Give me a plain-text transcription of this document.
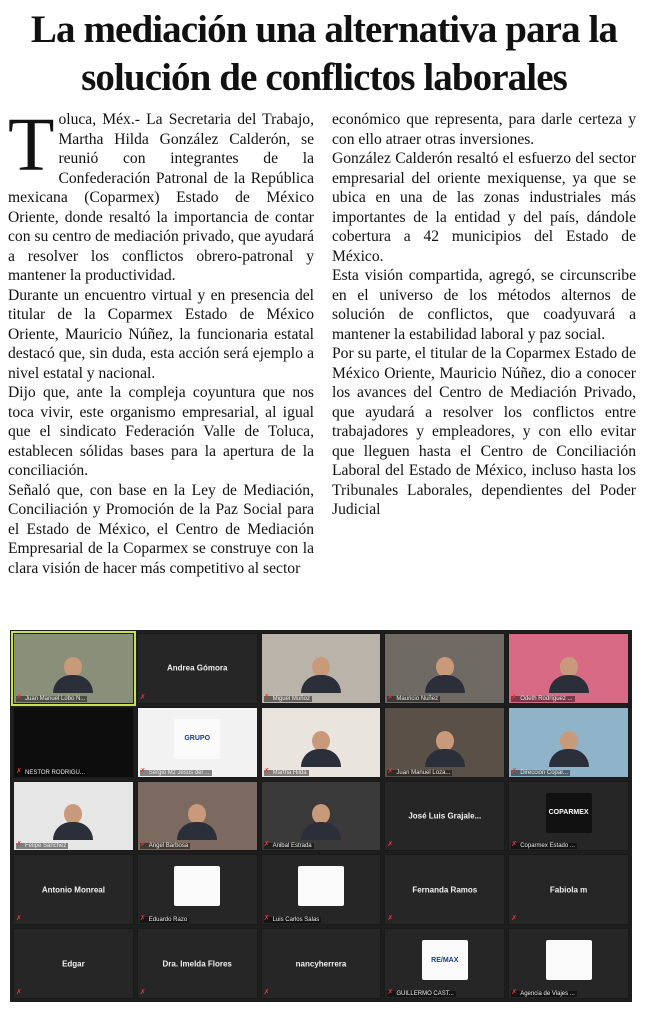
La mediación una alternativa para la solución de conflictos laborales
T oluca, Méx.- La Secretaria del Trabajo, Martha Hilda González Calderón, se reunió con integrantes de la Confederación Patronal de la República mexicana (Coparmex) Estado de México Oriente, donde resaltó la importancia de contar con su centro de mediación privado, que ayudará a resolver los conflictos obrero-patronal y mantener la productividad.

Durante un encuentro virtual y en presencia del titular de la Coparmex Estado de México Oriente, Mauricio Núñez, la funcionaria estatal destacó que, sin duda, esta acción será ejemplo a nivel estatal y nacional.

Dijo que, ante la compleja coyuntura que nos toca vivir, este organismo empresarial, al igual que el sindicato Federación Valle de Toluca, establecen sólidas bases para la apertura de la conciliación.

Señaló que, con base en la Ley de Mediación, Conciliación y Promoción de la Paz Social para el Estado de México, el Centro de Mediación Empresarial de la Coparmex se construye con la clara visión de hacer más competitivo al sector

económico que representa, para darle certeza y con ello atraer otras inversiones.

González Calderón resaltó el esfuerzo del sector empresarial del oriente mexiquense, ya que se ubica en una de las zonas industriales más importantes de la entidad y del país, dándole cobertura a 42 municipios del Estado de México.

Esta visión compartida, agregó, se circunscribe en el universo de los métodos alternos de solución de conflictos, que coadyuvará a mantener la estabilidad laboral y paz social.

Por su parte, el titular de la Coparmex Estado de México Oriente, Mauricio Núñez, dio a conocer los avances del Centro de Mediación Privado, que ayudará a resolver los conflictos entre trabajadores y empleadores, y con ello evitar que lleguen hasta el Centro de Conciliación Laboral del Estado de México, incluso hasta los Tribunales Laborales, dependientes del Poder Judicial

Juan Manuel Lobo N...
✗
Andrea Gómora
✗	Miguel Muñoz
✗	Mauricio Nuñez
✗	Odeth Rodríguez ...
✗
NESTOR RODRIGU...
✗
GRUPO
Sergio Mz Jesus del ...
✗	Martha Hilda
✗	Juan Manuel Loza...
✗	Direccion Copar...
✗
Felipe Sanchez
✗	Angel Barbosa
✗	Anibal Estrada
✗
José Luis Grajale...
✗
COPARMEX
Coparmex Estado ...
✗
Antonio Monreal
✗	Eduardo Razo
✗	Luis Carlos Salas
✗
Fernanda Ramos
✗
Fabiola m
✗
Edgar
✗
Dra. Imelda Flores
✗
nancyherrera
✗
RE/MAX
GUILLERMO CAST...
✗	Agencia de Viajes ...
✗
